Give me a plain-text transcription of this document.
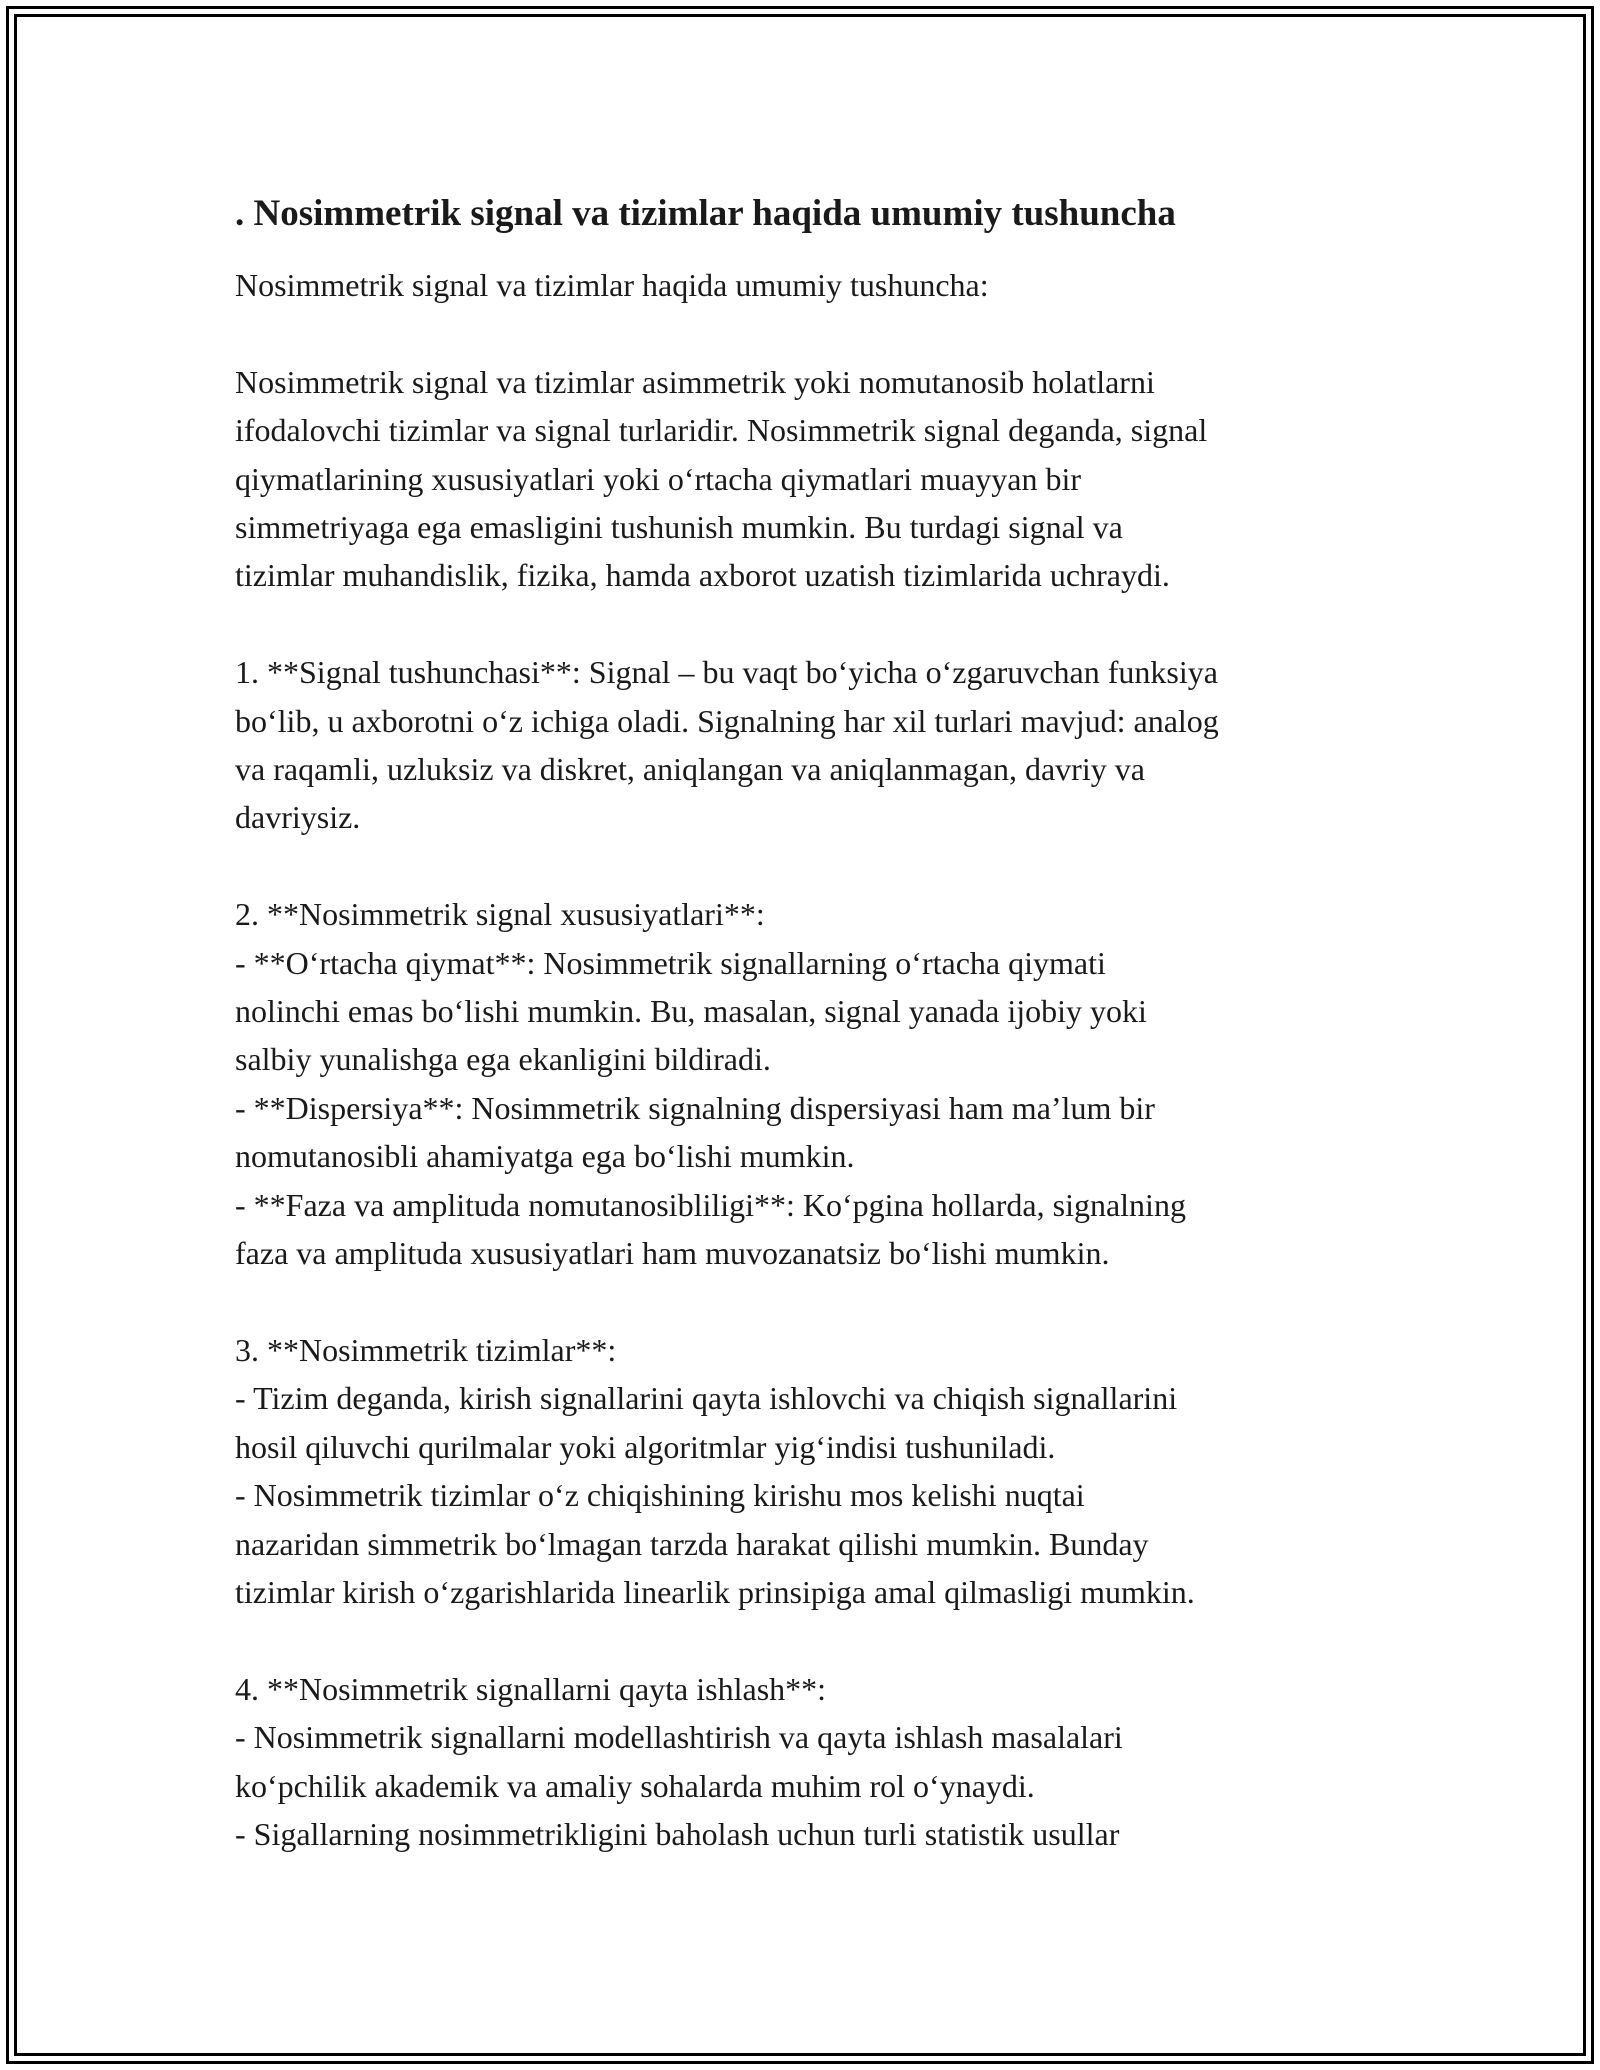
. Nosimmetrik signal va tizimlar haqida umumiy tushuncha

Nosimmetrik signal va tizimlar haqida umumiy tushuncha:

Nosimmetrik signal va tizimlar asimmetrik yoki nomutanosib holatlarni
ifodalovchi tizimlar va signal turlaridir. Nosimmetrik signal deganda, signal
qiymatlarining xususiyatlari yoki oʻrtacha qiymatlari muayyan bir
simmetriyaga ega emasligini tushunish mumkin. Bu turdagi signal va
tizimlar muhandislik, fizika, hamda axborot uzatish tizimlarida uchraydi.

1. **Signal tushunchasi**: Signal – bu vaqt boʻyicha oʻzgaruvchan funksiya
boʻlib, u axborotni oʻz ichiga oladi. Signalning har xil turlari mavjud: analog
va raqamli, uzluksiz va diskret, aniqlangan va aniqlanmagan, davriy va
davriysiz.

2. **Nosimmetrik signal xususiyatlari**:
- **Oʻrtacha qiymat**: Nosimmetrik signallarning oʻrtacha qiymati
nolinchi emas boʻlishi mumkin. Bu, masalan, signal yanada ijobiy yoki
salbiy yunalishga ega ekanligini bildiradi.
- **Dispersiya**: Nosimmetrik signalning dispersiyasi ham ma’lum bir
nomutanosibli ahamiyatga ega boʻlishi mumkin.
- **Faza va amplituda nomutanosibliligi**: Koʻpgina hollarda, signalning
faza va amplituda xususiyatlari ham muvozanatsiz boʻlishi mumkin.

3. **Nosimmetrik tizimlar**:
- Tizim deganda, kirish signallarini qayta ishlovchi va chiqish signallarini
hosil qiluvchi qurilmalar yoki algoritmlar yigʻindisi tushuniladi.
- Nosimmetrik tizimlar oʻz chiqishining kirishu mos kelishi nuqtai
nazaridan simmetrik boʻlmagan tarzda harakat qilishi mumkin. Bunday
tizimlar kirish oʻzgarishlarida linearlik prinsipiga amal qilmasligi mumkin.

4. **Nosimmetrik signallarni qayta ishlash**:
- Nosimmetrik signallarni modellashtirish va qayta ishlash masalalari
koʻpchilik akademik va amaliy sohalarda muhim rol oʻynaydi.
- Sigallarning nosimmetrikligini baholash uchun turli statistik usullar
